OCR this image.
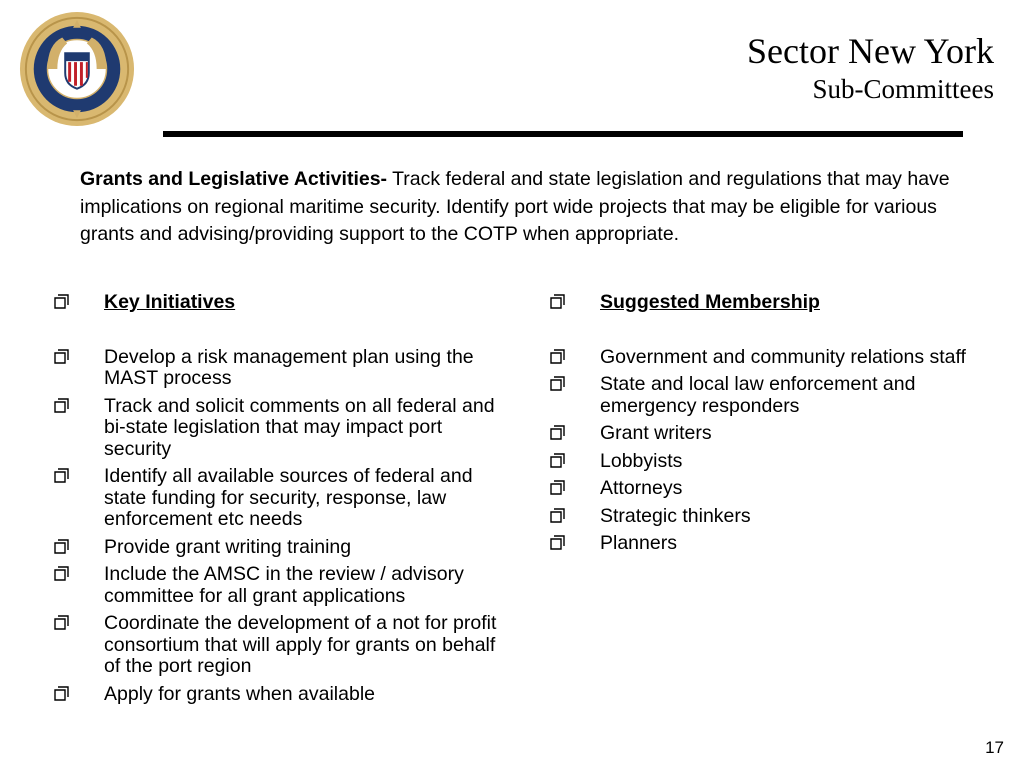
Sector New York
Sub-Committees
Grants and Legislative Activities- Track federal and state legislation and regulations that may have implications on regional maritime security. Identify port wide projects that may be eligible for various grants and advising/providing support to the COTP when appropriate.
Key Initiatives
Develop a risk management plan using the MAST process
Track and solicit comments on all federal and bi-state legislation that may impact port security
Identify all available sources of federal and state funding for security, response, law enforcement etc needs
Provide grant writing training
Include the AMSC in the review / advisory committee for all grant applications
Coordinate the development of a not for profit consortium that will apply for grants on behalf of the port region
Apply for grants when available
Suggested Membership
Government and community relations staff
State and local law enforcement and emergency responders
Grant writers
Lobbyists
Attorneys
Strategic thinkers
Planners
17
